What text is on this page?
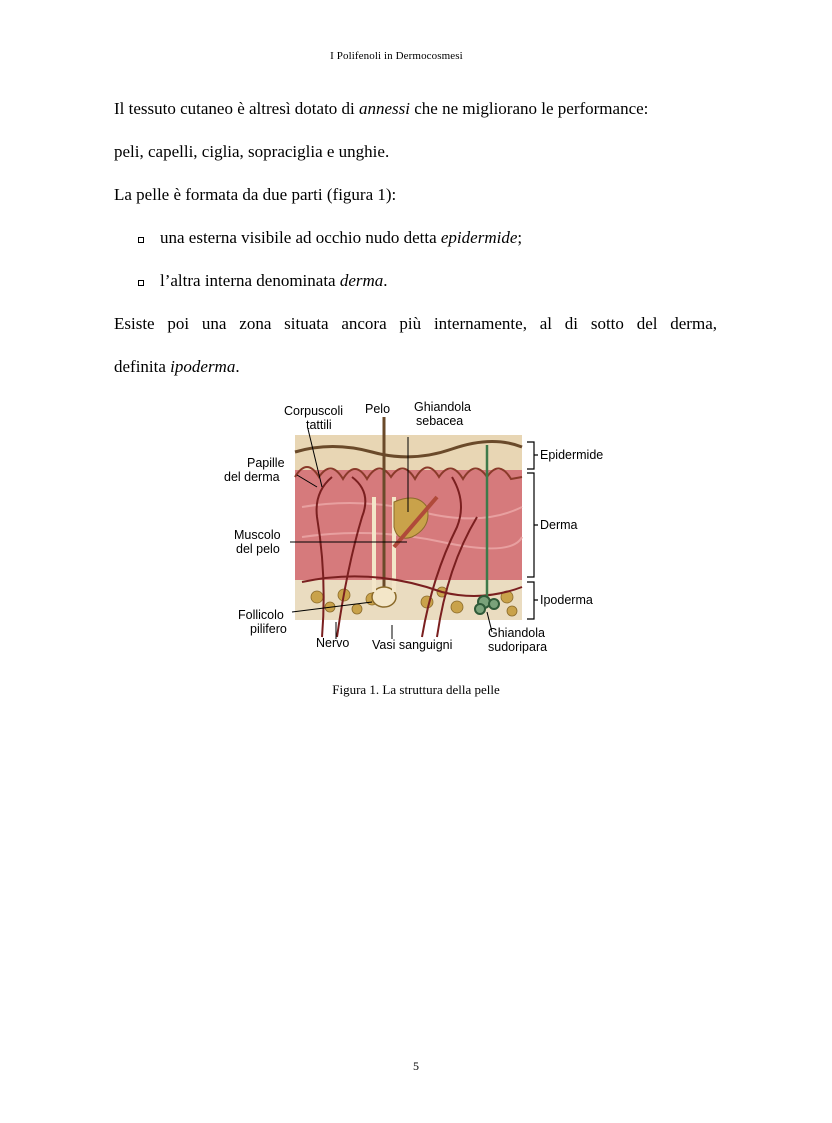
I Polifenoli in Dermocosmesi

Il tessuto cutaneo è altresì dotato di annessi che ne migliorano le performance:

peli, capelli, ciglia, sopraciglia e unghie.

La pelle è formata da due parti (figura 1):

una esterna visibile ad occhio nudo detta epidermide;
l’altra interna denominata derma.

Esiste poi una zona situata ancora più internamente, al di sotto del derma,

definita ipoderma.

Corpuscoli
tattili
Pelo Ghiandola
sebacea
Papille
del derma
Epidermide
Derma
Muscolo
del pelo
Ipoderma
Follicolo
pilifero
Nervo Vasi sanguigni
Ghiandola
sudoripara
Figura 1. La struttura della pelle
5
